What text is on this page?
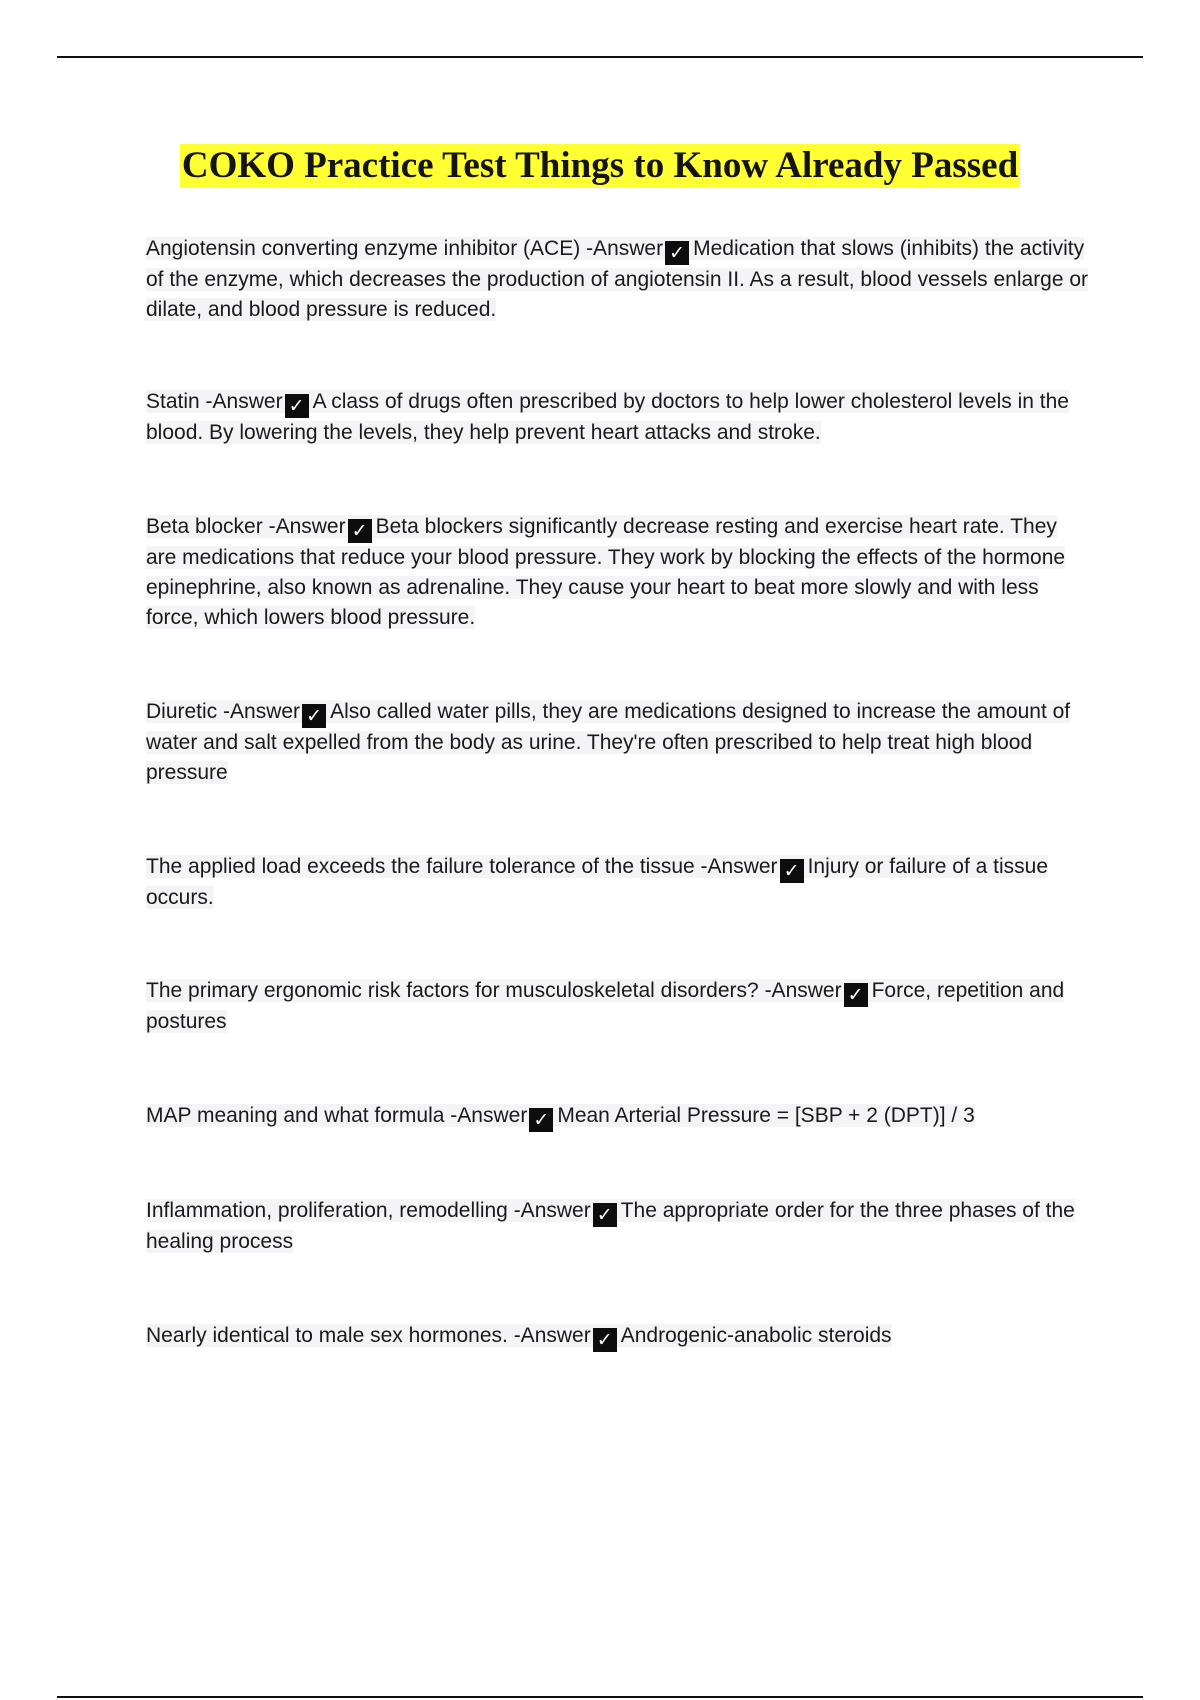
COKO Practice Test Things to Know Already Passed

Angiotensin converting enzyme inhibitor (ACE) -Answer ✓ Medication that slows (inhibits) the activity of the enzyme, which decreases the production of angiotensin II. As a result, blood vessels enlarge or dilate, and blood pressure is reduced.

Statin -Answer ✓ A class of drugs often prescribed by doctors to help lower cholesterol levels in the blood. By lowering the levels, they help prevent heart attacks and stroke.

Beta blocker -Answer ✓ Beta blockers significantly decrease resting and exercise heart rate. They are medications that reduce your blood pressure. They work by blocking the effects of the hormone epinephrine, also known as adrenaline. They cause your heart to beat more slowly and with less force, which lowers blood pressure.

Diuretic -Answer ✓ Also called water pills, they are medications designed to increase the amount of water and salt expelled from the body as urine. They're often prescribed to help treat high blood pressure

The applied load exceeds the failure tolerance of the tissue -Answer ✓ Injury or failure of a tissue occurs.

The primary ergonomic risk factors for musculoskeletal disorders? -Answer ✓ Force, repetition and postures

MAP meaning and what formula -Answer ✓ Mean Arterial Pressure = [SBP + 2 (DPT)] / 3

Inflammation, proliferation, remodelling -Answer ✓ The appropriate order for the three phases of the healing process

Nearly identical to male sex hormones. -Answer ✓ Androgenic-anabolic steroids
